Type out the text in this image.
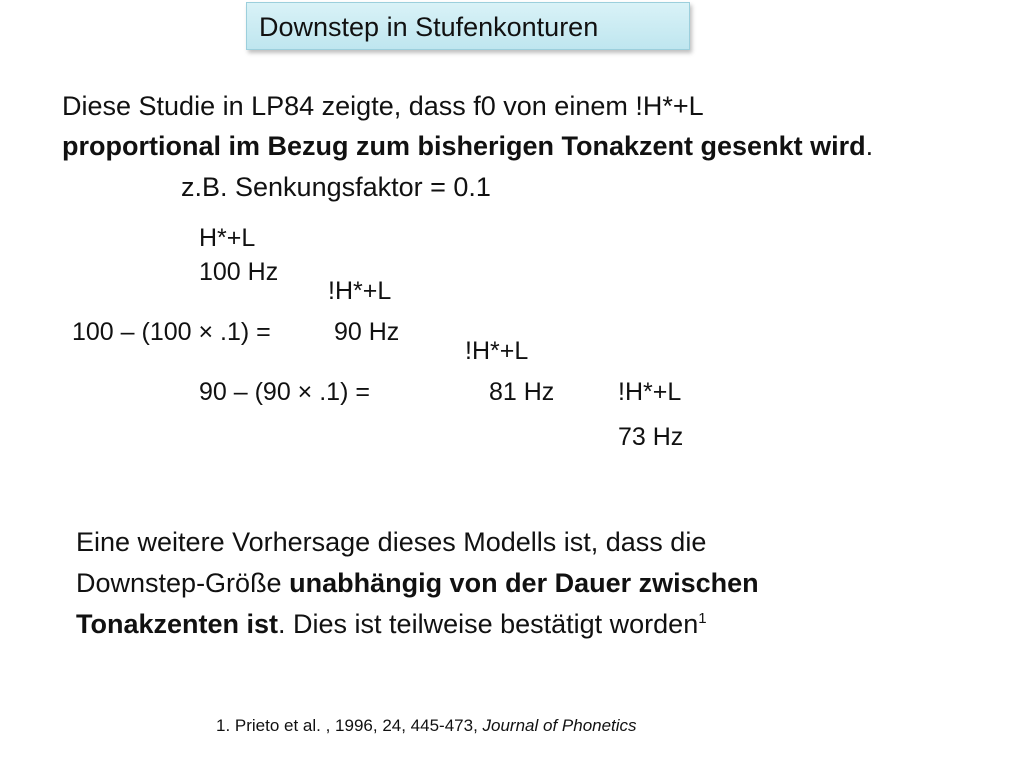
Downstep in Stufenkonturen
Diese Studie in LP84 zeigte, dass f0 von einem !H*+L
proportional im Bezug zum bisherigen Tonakzent gesenkt wird.
z.B. Senkungsfaktor = 0.1
H*+L
100 Hz
!H*+L
100 – (100 × .1) =	90 Hz
!H*+L
90 – (90 × .1) =	81 Hz	!H*+L
73 Hz
Eine weitere Vorhersage dieses Modells ist, dass die
Downstep-Größe unabhängig von der Dauer zwischen
Tonakzenten ist. Dies ist teilweise bestätigt worden$^1$
1. Prieto et al. , 1996, 24, 445-473, Journal of Phonetics
